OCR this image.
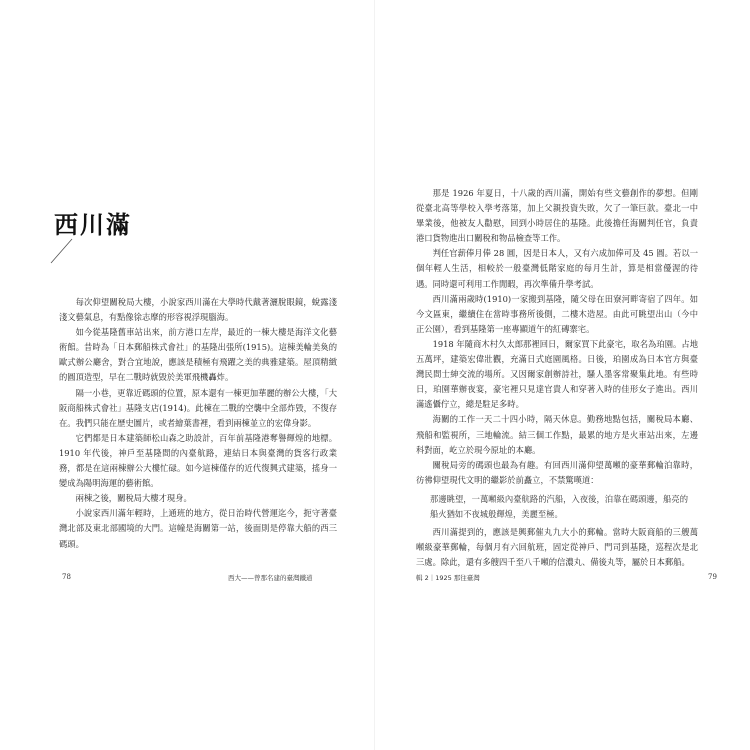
西川滿

每次仰望關稅局大樓，小說家西川滿在大學時代戴著灑脫眼鏡，蛻露淺淺文藝氣息，有點像徐志摩的形容視浮現腦海。

如今從基隆舊車站出來，前方港口左岸，最近的一棟大樓是海洋文化藝術館。昔時為「日本郵船株式會社」的基隆出張所(1915)。這棟美輪美奐的歐式辦公廳舍，對合宜地說，應該是積極有飛躍之美的典雅建築。屋頂精緻的圓頂造型，早在二戰時就毀於美軍飛機轟炸。

隔一小巷，更靠近碼頭的位置，原本還有一棟更加華麗的辦公大樓，「大阪商船株式會社」基隆支店(1914)。此棟在二戰的空襲中全部炸毀，不復存在。我們只能在歷史圖片，或者繪葉書裡，看到兩棟並立的宏偉身影。

它們都是日本建築師松山森之助設計，百年前基隆港奪譽輝煌的地標。1910 年代後，神戶至基隆間的內臺航路，連結日本與臺灣的貨客行政業務，都是在這兩棟辦公大樓忙碌。如今這棟僅存的近代復興式建築，搖身一變成為陽明海運的藝術館。

兩棟之後，關稅局大樓才現身。

小說家西川滿年輕時，上通班的地方，從日治時代營運迄今，扼守著臺灣北部及東北部國境的大門。這幢是海關第一站，後面則是停靠大船的西三碼頭。

78	西大——曾那名建的臺灣鐵道

那是 1926 年夏日，十八歲的西川滿，開始有些文藝創作的夢想。但剛從臺北高等學校入學考落第，加上父親投資失敗，欠了一筆巨款。臺北一中畢業後，他被友人勸慰，回到小時居住的基隆。此後擔任海關判任官，負責港口貨物進出口關稅和物品檢查等工作。

判任官薪俸月俸 28 圓，因是日本人，又有六成加俸可及 45 圓。若以一個年輕人生活，相較於一般臺灣低階家庭的每月生計，算是相當優渥的待遇。同時還可利用工作閒暇，再次準備升學考試。

西川滿兩歲時(1910)一家搬到基隆，隨父母在田寮河畔寄宿了四年。如今文區東，繼續住在當時事務所後側，二樓木造屋。由此可眺望出山（今中正公園），看到基隆第一座專顯道午的紅磚寨宅。

1918 年隨商木村久太郎那裡回日，爾家買下此豪宅，取名為珀園。占地五萬坪，建築宏偉壯觀，充滿日式庭園風格。日後，珀園成為日本官方與臺灣民間士紳交流的場所。又因爾家創辦詩社，騷人墨客常聚集此地。有些時日，珀園華辦夜宴，豪宅裡只見達官貴人和穿著入時的佳形女子進出。西川滿遙懾佇立，總是駐足多時。

海關的工作一天二十四小時，隔天休息。勤務地點包括，關稅局本廳、飛船和監視所，三地輪流。結三個工作點，最累的地方是火車站出來，左邊科對面，屹立於現今原址的本廳。

關稅局旁的碼頭也最為有趣。有回西川滿仰望萬噸的豪華郵輪泊靠時，彷彿仰望現代文明的繼影於前矗立，不禁驚嘆道：

那邊眺望，一萬噸級內臺航路的汽船，入夜後，泊靠在碼頭邊，船亮的船火猶如不夜城般輝煌，美麗至極。

西川滿提到的，應該是興郵催丸九大小的郵輪。當時大阪商船的三艘萬噸級豪華郵輪，每個月有六回航班，固定從神戶、門司到基隆，巡程次是北三處。除此，還有多艘四千至八千噸的信濃丸、備後丸等，屬於日本郵船。

輯 2｜1925 那往臺灣	79
